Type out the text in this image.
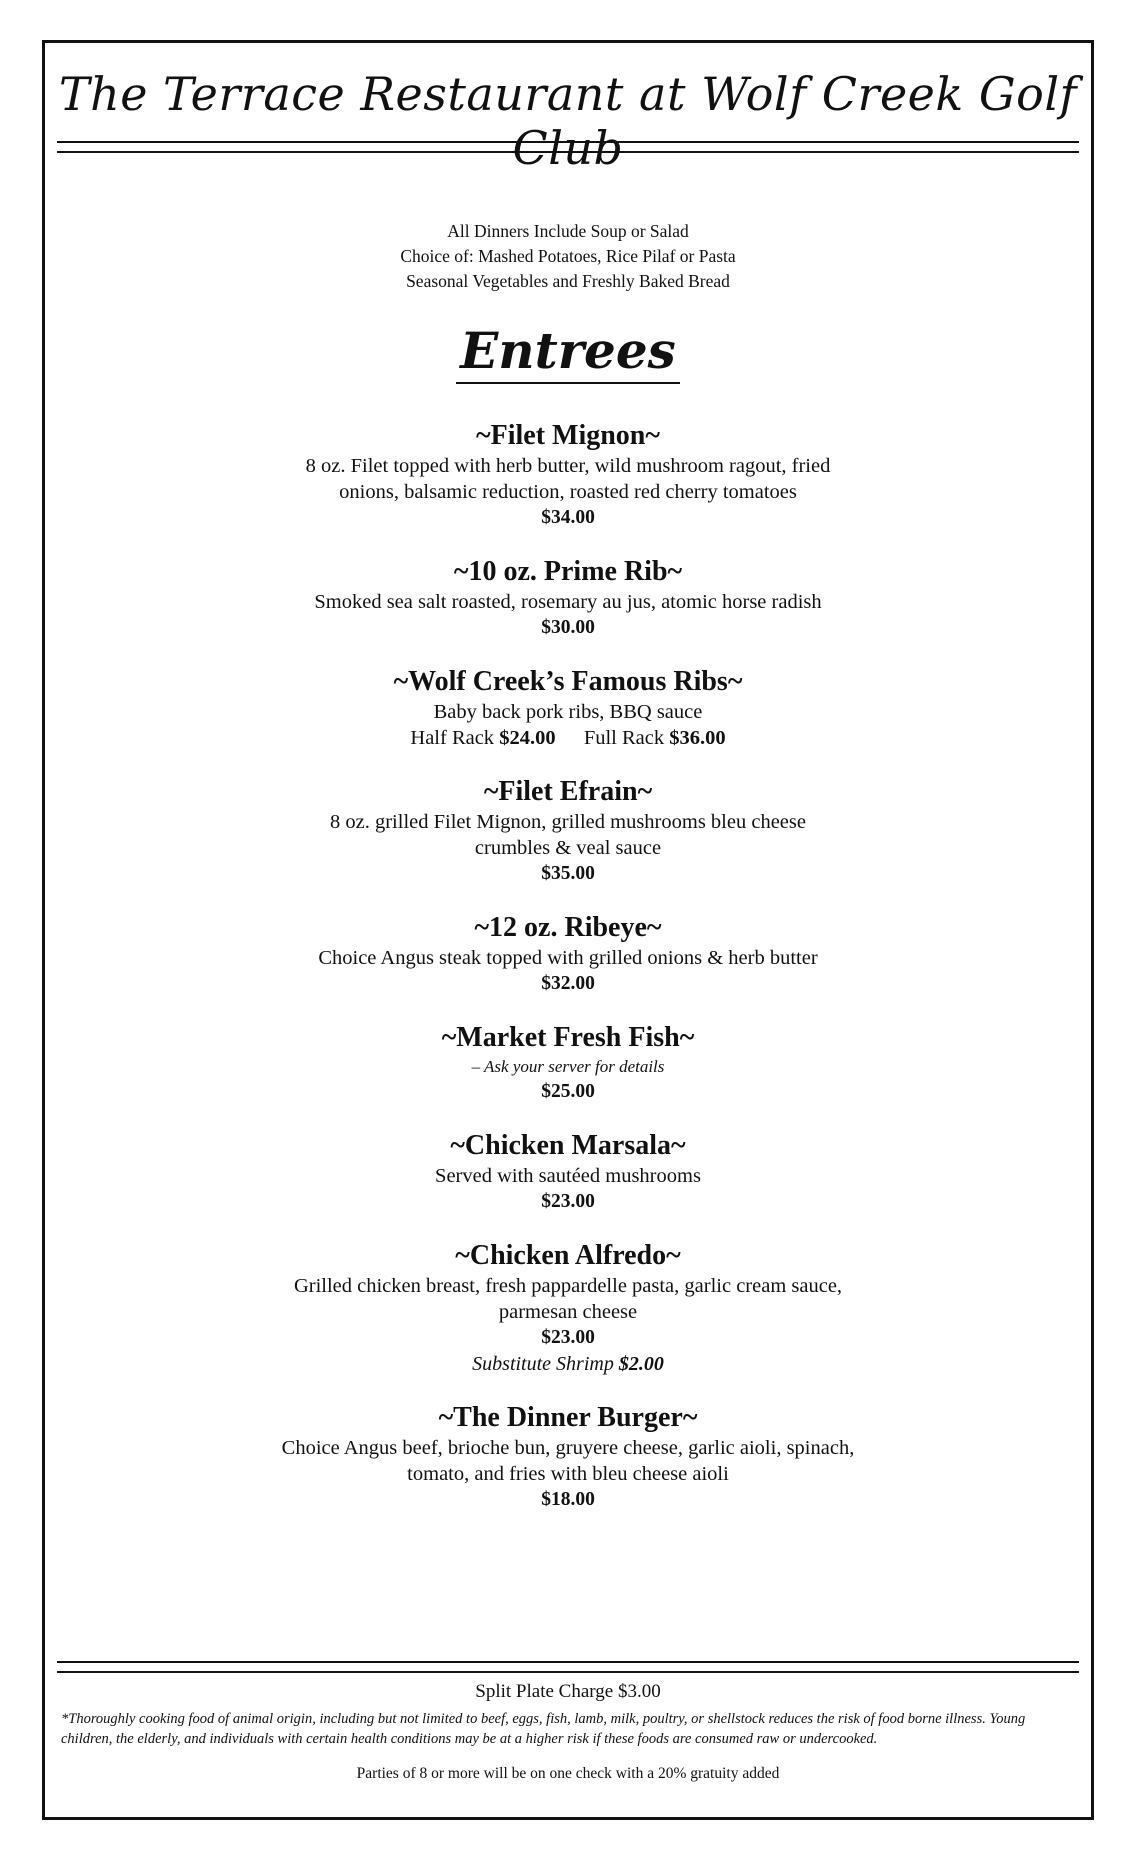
The Terrace Restaurant at Wolf Creek Golf Club
All Dinners Include Soup or Salad
Choice of: Mashed Potatoes, Rice Pilaf or Pasta
Seasonal Vegetables and Freshly Baked Bread
Entrees
~Filet Mignon~
8 oz. Filet topped with herb butter, wild mushroom ragout, fried
onions, balsamic reduction, roasted red cherry tomatoes
$34.00
~10 oz. Prime Rib~
Smoked sea salt roasted, rosemary au jus, atomic horse radish
$30.00
~Wolf Creek’s Famous Ribs~
Baby back pork ribs, BBQ sauce
Half Rack $24.00 Full Rack $36.00
~Filet Efrain~
8 oz. grilled Filet Mignon, grilled mushrooms bleu cheese
crumbles & veal sauce
$35.00
~12 oz. Ribeye~
Choice Angus steak topped with grilled onions & herb butter
$32.00
~Market Fresh Fish~
– Ask your server for details
$25.00
~Chicken Marsala~
Served with sautéed mushrooms
$23.00
~Chicken Alfredo~
Grilled chicken breast, fresh pappardelle pasta, garlic cream sauce,
parmesan cheese
$23.00
Substitute Shrimp $2.00
~The Dinner Burger~
Choice Angus beef, brioche bun, gruyere cheese, garlic aioli, spinach,
tomato, and fries with bleu cheese aioli
$18.00
Split Plate Charge $3.00
*Thoroughly cooking food of animal origin, including but not limited to beef, eggs, fish, lamb, milk, poultry, or shellstock reduces the risk of food borne illness. Young children, the elderly, and individuals with certain health conditions may be at a higher risk if these foods are consumed raw or undercooked.
Parties of 8 or more will be on one check with a 20% gratuity added
